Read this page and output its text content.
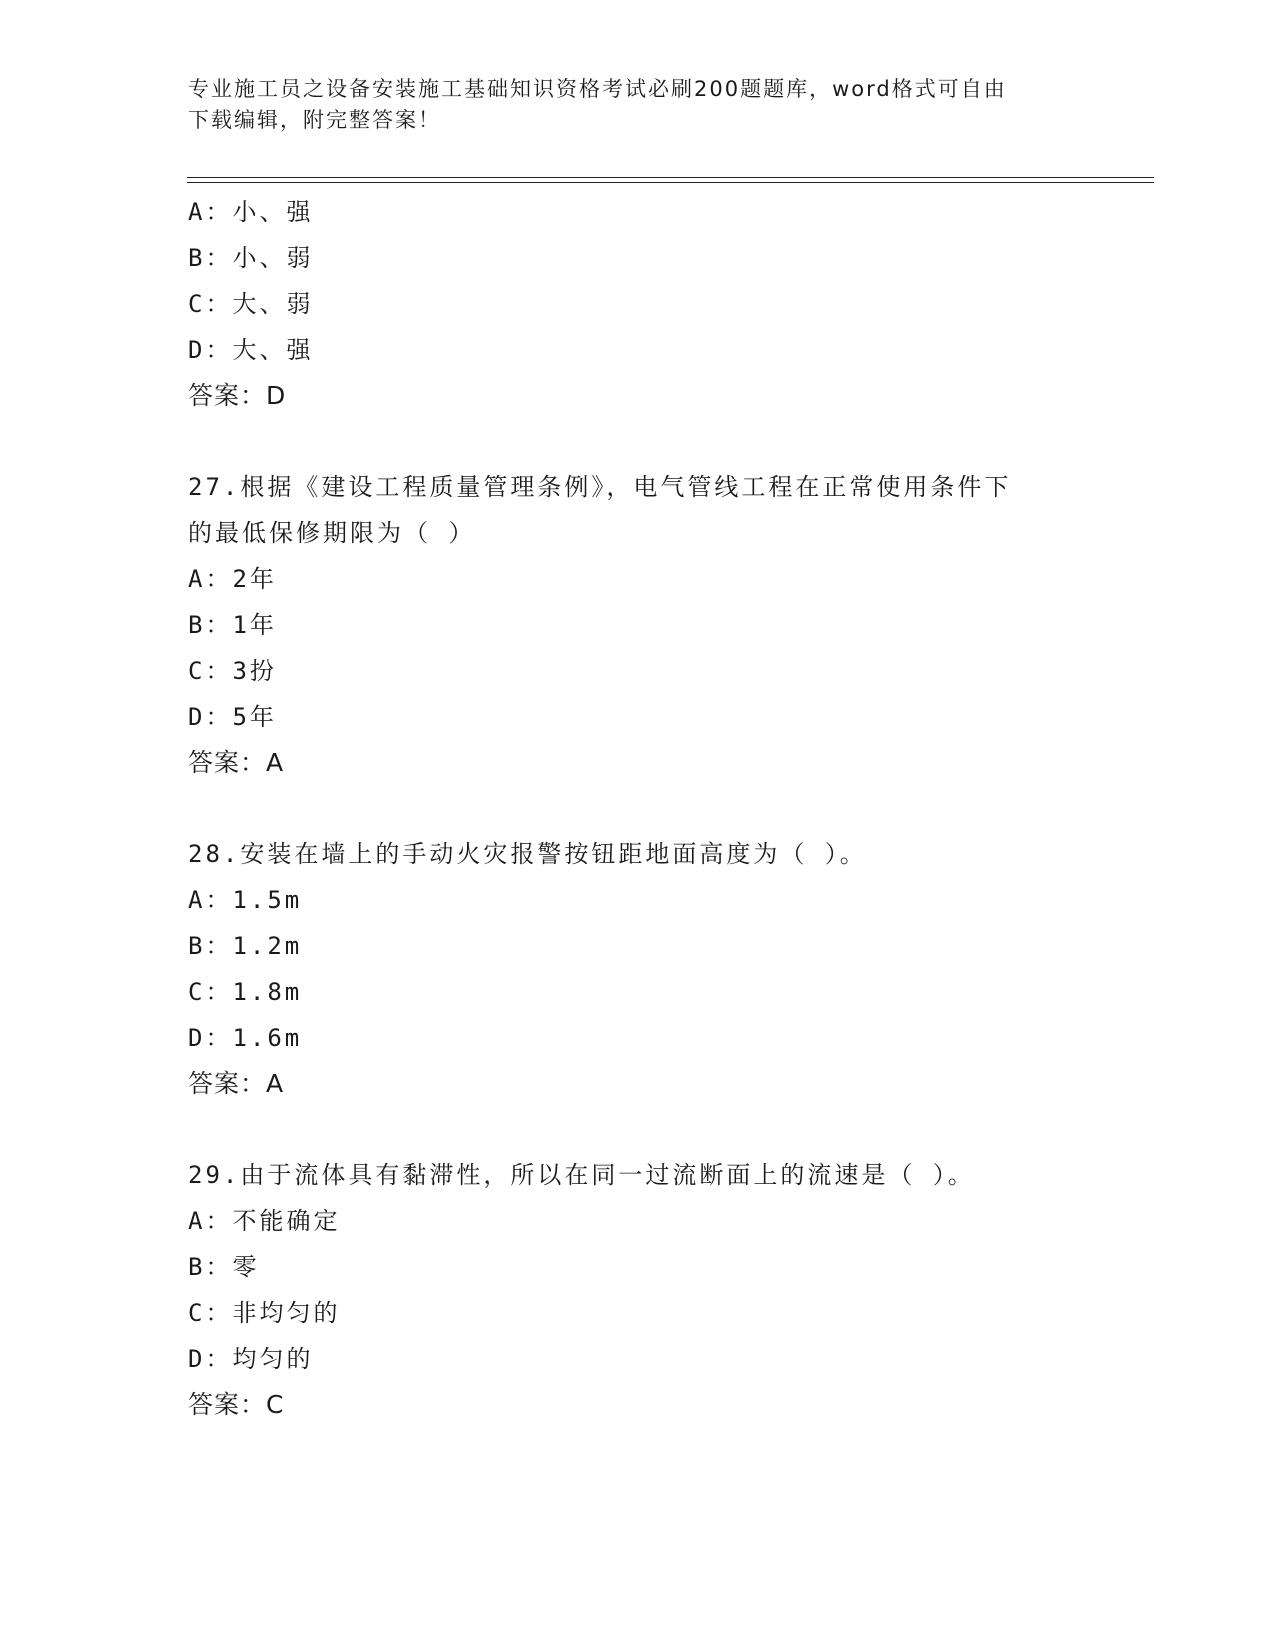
专业施工员之设备安装施工基础知识资格考试必刷200题题库，word格式可自由
下载编辑，附完整答案！
A：小、强
B：小、弱
C：大、弱
D：大、强
答案：D
27.根据《建设工程质量管理条例》，电气管线工程在正常使用条件下
的最低保修期限为（ ）
A：2年
B：1年
C：3扮
D：5年
答案：A
28.安装在墙上的手动火灾报警按钮距地面高度为（ ）。
A：1.5m
B：1.2m
C：1.8m
D：1.6m
答案：A
29.由于流体具有黏滞性，所以在同一过流断面上的流速是（ ）。
A：不能确定
B：零
C：非均匀的
D：均匀的
答案：C
